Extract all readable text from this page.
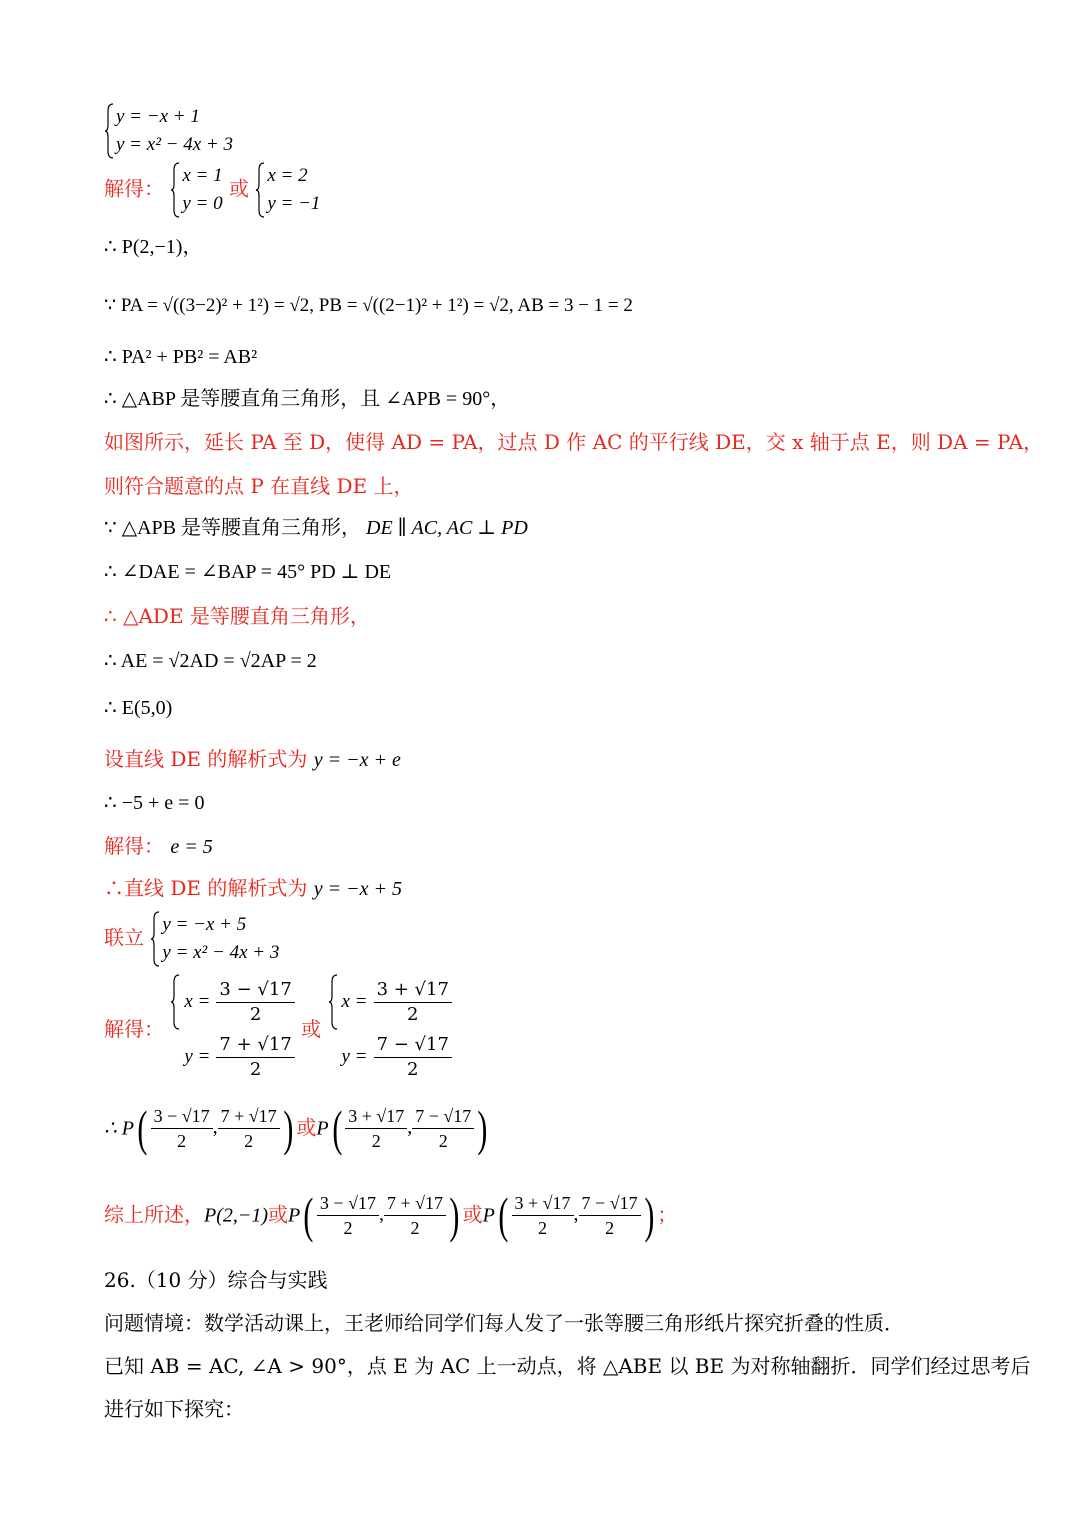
y = −x + 1
y = x² − 4x + 3
解得：
x = 1
y = 0
或
x = 2
y = −1
∴ P(2,−1)，
∵ PA = √((3−2)² + 1²) = √2, PB = √((2−1)² + 1²) = √2, AB = 3 − 1 = 2
∴ PA² + PB² = AB²
∴ △ABP 是等腰直角三角形，且 ∠APB = 90°，
如图所示，延长 PA 至 D，使得 AD = PA，过点 D 作 AC 的平行线 DE，交 x 轴于点 E，则 DA = PA，
则符合题意的点 P 在直线 DE 上，
∵ △APB 是等腰直角三角形， DE ∥ AC, AC ⊥ PD
∴ ∠DAE = ∠BAP = 45° PD ⊥ DE
∴ △ADE 是等腰直角三角形，
∴ AE = √2AD = √2AP = 2
∴ E(5,0)
设直线 DE 的解析式为 y = −x + e
∴ −5 + e = 0
解得： e = 5
∴直线 DE 的解析式为 y = −x + 5
联立
y = −x + 5
y = x² − 4x + 3
解得：
$x = \frac{3 - √17}{2}$
$y = \frac{7 + √17}{2}$
或
$x = \frac{3 + √17}{2}$
$y = \frac{7 - √17}{2}$
∴ $P( \frac{3 - √17}{2}$ , $\frac{7 + √17}{2}$ ) 或$P( \frac{3 + √17}{2}$ , $\frac{7 - √17}{2}$ )
综上所述，P(2,−1)或$P( \frac{3 - √17}{2}$ , $\frac{7 + √17}{2}$ ) 或$P( \frac{3 + √17}{2}$ , $\frac{7 - √17}{2}$ ) ；
26.（10 分）综合与实践
问题情境：数学活动课上，王老师给同学们每人发了一张等腰三角形纸片探究折叠的性质．
已知 AB = AC, ∠A > 90°，点 E 为 AC 上一动点，将 △ABE 以 BE 为对称轴翻折．同学们经过思考后
进行如下探究：
